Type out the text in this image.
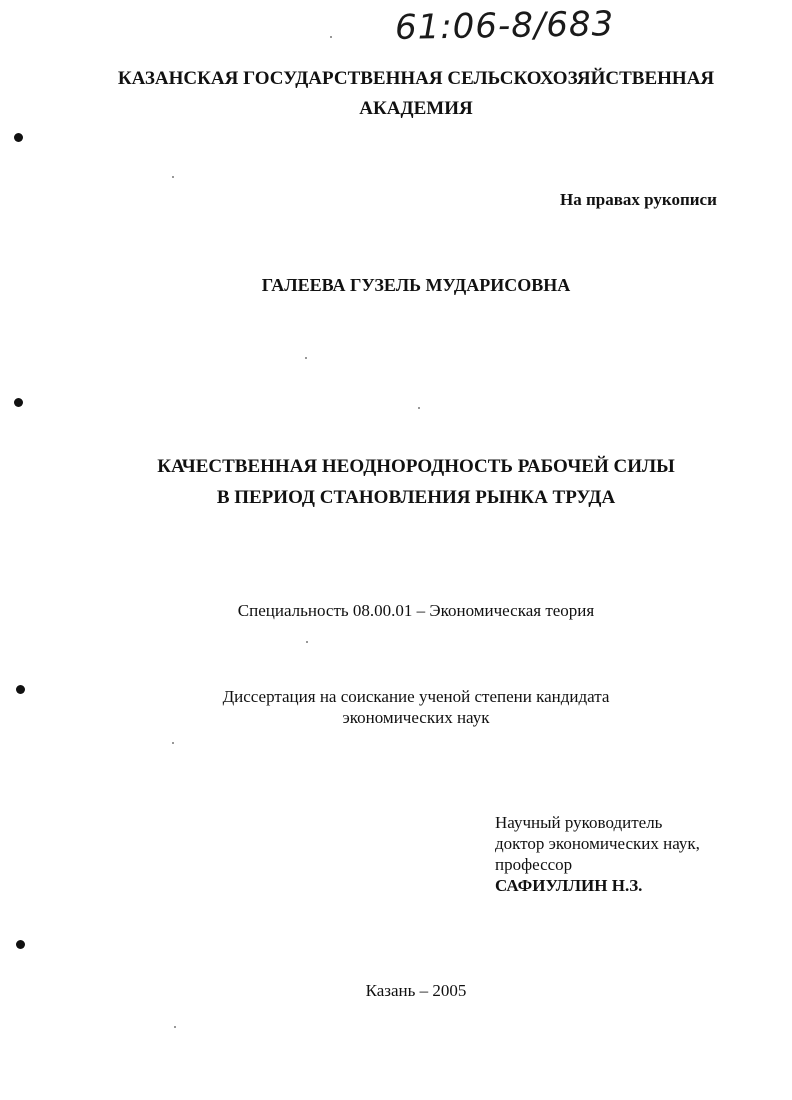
61:06-8/683
КАЗАНСКАЯ ГОСУДАРСТВЕННАЯ СЕЛЬСКОХОЗЯЙСТВЕННАЯ
АКАДЕМИЯ
На правах рукописи
ГАЛЕЕВА ГУЗЕЛЬ МУДАРИСОВНА
КАЧЕСТВЕННАЯ НЕОДНОРОДНОСТЬ РАБОЧЕЙ СИЛЫ
В ПЕРИОД СТАНОВЛЕНИЯ РЫНКА ТРУДА
Специальность 08.00.01 – Экономическая теория
Диссертация на соискание ученой степени кандидата
экономических наук
Научный руководитель
доктор экономических наук,
профессор
САФИУЛЛИН Н.З.
Казань – 2005
